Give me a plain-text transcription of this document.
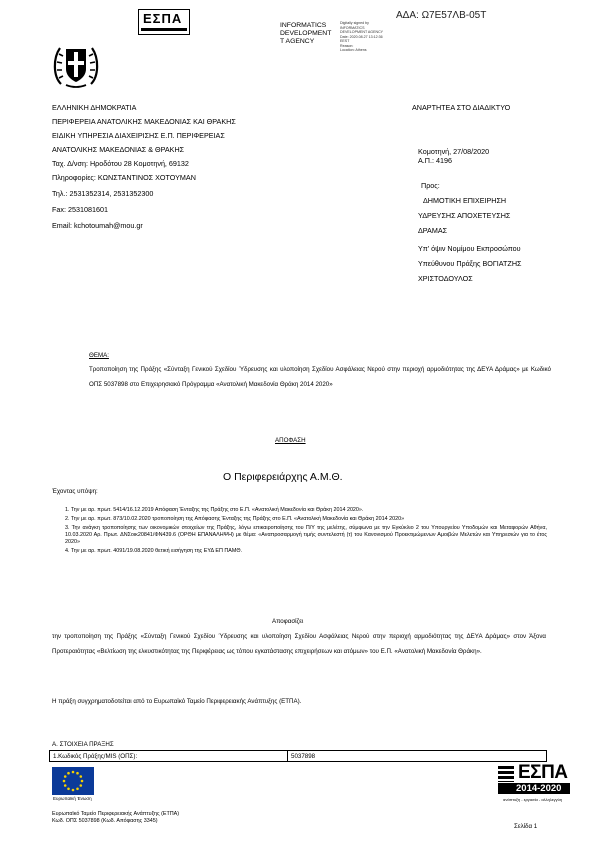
ΑΔΑ: Ω7Ε57ΛΒ-05Τ
ΕΣΠΑ	INFORMATICS
DEVELOPMENT
T AGENCY
Digitally signed by
INFORMATICS
DEVELOPMENT AGENCY
Date: 2020.08.27 13:12:36
EEST
Reason:
Location: Athens
ΕΛΛΗΝΙΚΗ ΔΗΜΟΚΡΑΤΙΑ
ΠΕΡΙΦΕΡΕΙΑ ΑΝΑΤΟΛΙΚΗΣ ΜΑΚΕΔΟΝΙΑΣ ΚΑΙ ΘΡΑΚΗΣ
ΕΙΔΙΚΗ ΥΠΗΡΕΣΙΑ ΔΙΑΧΕΙΡΙΣΗΣ Ε.Π. ΠΕΡΙΦΕΡΕΙΑΣ
ΑΝΑΤΟΛΙΚΗΣ ΜΑΚΕΔΟΝΙΑΣ & ΘΡΑΚΗΣ
Ταχ. Δ/νση: Ηροδότου 28 Κομοτηνή, 69132
Πληροφορίες: ΚΩΝΣΤΑΝΤΙΝΟΣ ΧΟΤΟΥΜΑΝ
Τηλ.: 2531352314, 2531352300
Fax: 2531081601
Email: kchotoumah@mou.gr
ΑΝΑΡΤΗΤΕΑ ΣΤΟ ΔΙΑΔΙΚΤΥΟ
Κομοτηνή, 27/08/2020
Α.Π.: 4196
Προς:
ΔΗΜΟΤΙΚΗ ΕΠΙΧΕΙΡΗΣΗ
ΥΔΡΕΥΣΗΣ ΑΠΟΧΕΤΕΥΣΗΣ
ΔΡΑΜΑΣ
Υπ' όψιν Νομίμου Εκπροσώπου
Υπεύθυνου Πράξης ΒΟΓΙΑΤΖΗΣ
ΧΡΙΣΤΟΔΟΥΛΟΣ
ΘΕΜΑ:
Τροποποίηση της Πράξης «Σύνταξη Γενικού Σχεδίου Ύδρευσης και υλοποίηση Σχεδίου Ασφάλειας Νερού στην περιοχή αρμοδιότητας της ΔΕΥΑ Δράμας» με Κωδικό ΟΠΣ 5037898 στο Επιχειρησιακό Πρόγραμμα «Ανατολική Μακεδονία Θράκη 2014 2020»
ΑΠΟΦΑΣΗ
Ο Περιφερειάρχης Α.Μ.Θ.
Έχοντας υπόψη:
1. Την με αρ. πρωτ. 5414/16.12.2019 Απόφαση Ένταξης της Πράξης στο Ε.Π. «Ανατολική Μακεδονία και Θράκη 2014 2020».
2. Την με αρ. πρωτ. 873/10.02.2020 τροποποίηση της Απόφασης Ένταξης της Πράξης στο Ε.Π. «Ανατολική Μακεδονία και Θράκη 2014 2020»
3. Την ανάγκη τροποποίησης των οικονομικών στοιχείων της Πράξης, λόγω επικαιροποίησης του Π/Υ της μελέτης, σύμφωνα με την Εγκύκλιο 2 του Υπουργείου Υποδομών και Μεταφορών Αθήνα, 10.03.2020 Αρ. Πρωτ. ΔΝΣοικ20841/ΦΝ439.6 (ΟΡΘΗ ΕΠΑΝΑΛΗΨΗ) με θέμα: «Αναπροσαρμογή τιμής συντελεστή (τ) του Κανονισμού Προεκτιμώμενων Αμοιβών Μελετών και Υπηρεσιών για το έτος 2020»
4. Την με αρ. πρωτ. 4091/19.08.2020 θετική εισήγηση της ΕΥΔ ΕΠ ΠΑΜΘ.
Αποφασίζει
την τροποποίηση της Πράξης «Σύνταξη Γενικού Σχεδίου Ύδρευσης και υλοποίηση Σχεδίου Ασφάλειας Νερού στην περιοχή αρμοδιότητας της ΔΕΥΑ Δράμας» στον Άξονα Προτεραιότητας «Βελτίωση της ελκυστικότητας της Περιφέρειας ως τόπου εγκατάστασης επιχειρήσεων και ατόμων» του Ε.Π. «Ανατολική Μακεδονία Θράκη».
Η πράξη συγχρηματοδοτείται από το Ευρωπαϊκό Ταμείο Περιφερειακής Ανάπτυξης (ΕΤΠΑ).
Α. ΣΤΟΙΧΕΙΑ ΠΡΑΞΗΣ
1.Κωδικός Πράξης/MIS (ΟΠΣ):	5037898
Ευρωπαϊκή Ένωση
Ευρωπαϊκό Ταμείο Περιφερειακής Ανάπτυξης (ΕΤΠΑ)
Κωδ. ΟΠΣ 5037898 (Κωδ. Απόφασης 3345)
ΕΣΠΑ
2014-2020
ανάπτυξη - εργασία - αλληλεγγύη
Σελίδα 1
